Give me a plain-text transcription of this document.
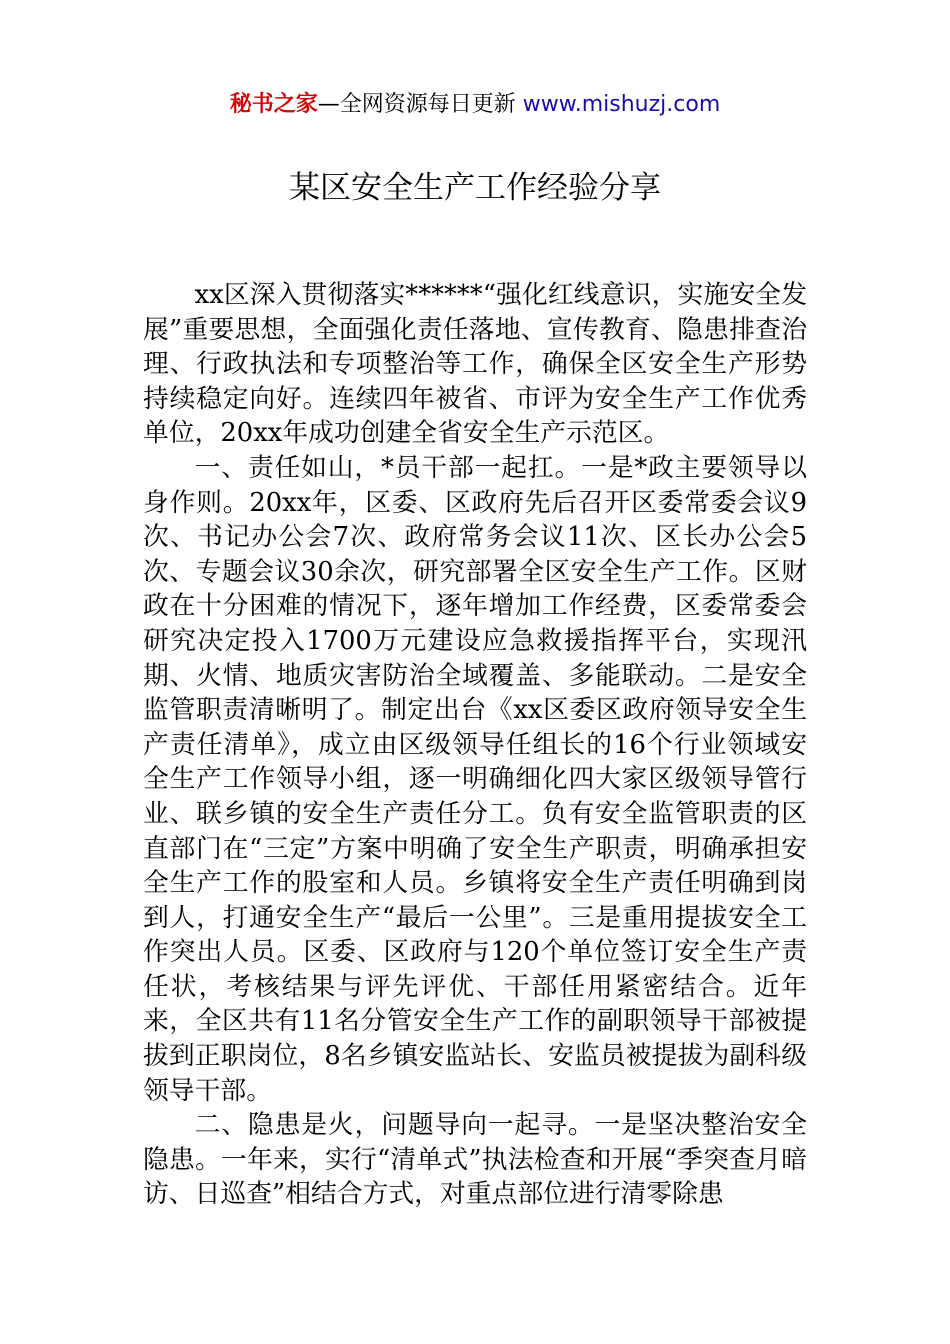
秘书之家—全网资源每日更新 www.mishuzj.com
某区安全生产工作经验分享

xx区深入贯彻落实******“强化红线意识，实施安全发展”重要思想，全面强化责任落地、宣传教育、隐患排查治理、行政执法和专项整治等工作，确保全区安全生产形势持续稳定向好。连续四年被省、市评为安全生产工作优秀单位，20xx年成功创建全省安全生产示范区。

一、责任如山，*员干部一起扛。一是*政主要领导以身作则。20xx年，区委、区政府先后召开区委常委会议9次、书记办公会7次、政府常务会议11次、区长办公会5次、专题会议30余次，研究部署全区安全生产工作。区财政在十分困难的情况下，逐年增加工作经费，区委常委会研究决定投入1700万元建设应急救援指挥平台，实现汛期、火情、地质灾害防治全域覆盖、多能联动。二是安全监管职责清晰明了。制定出台《xx区委区政府领导安全生产责任清单》，成立由区级领导任组长的16个行业领域安全生产工作领导小组，逐一明确细化四大家区级领导管行业、联乡镇的安全生产责任分工。负有安全监管职责的区直部门在“三定”方案中明确了安全生产职责，明确承担安全生产工作的股室和人员。乡镇将安全生产责任明确到岗到人，打通安全生产“最后一公里”。三是重用提拔安全工作突出人员。区委、区政府与120个单位签订安全生产责任状，考核结果与评先评优、干部任用紧密结合。近年来，全区共有11名分管安全生产工作的副职领导干部被提拔到正职岗位，8名乡镇安监站长、安监员被提拔为副科级领导干部。

二、隐患是火，问题导向一起寻。一是坚决整治安全隐患。一年来，实行“清单式”执法检查和开展“季突查月暗访、日巡查”相结合方式，对重点部位进行清零除患
